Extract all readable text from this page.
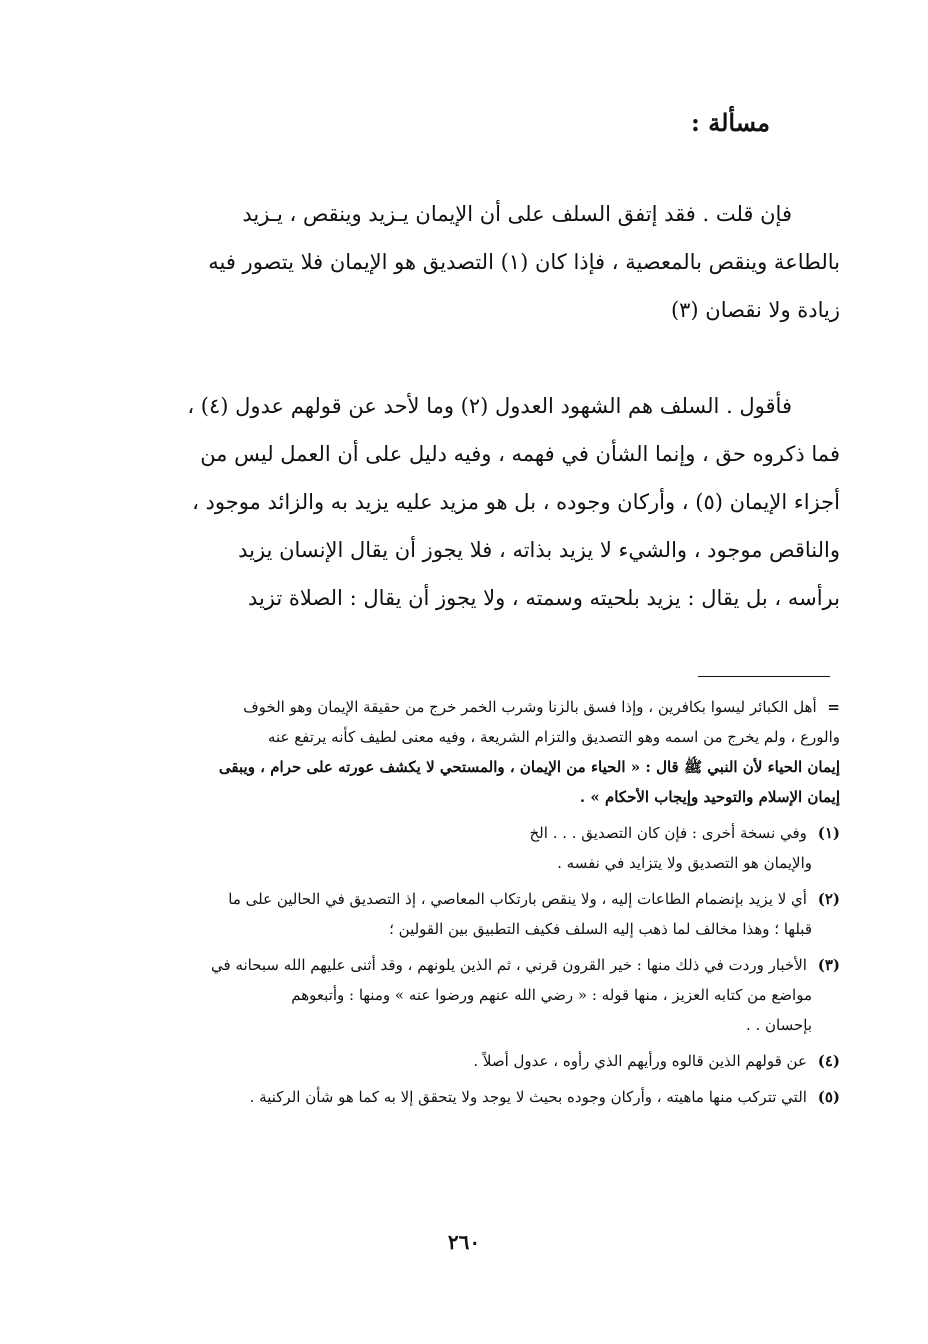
مسألة :
فإن قلت . فقد إتفق السلف على أن الإيمان يـزيد وينقص ، يـزيد
بالطاعة وينقص بالمعصية ، فإذا كان (١) التصديق هو الإيمان فلا يتصور فيه
زيادة ولا نقصان (٣)
فأقول . السلف هم الشهود العدول (٢) وما لأحد عن قولهم عدول (٤) ،
فما ذكروه حق ، وإنما الشأن في فهمه ، وفيه دليل على أن العمل ليس من
أجزاء الإيمان (٥) ، وأركان وجوده ، بل هو مزيد عليه يزيد به والزائد موجود ،
والناقص موجود ، والشيء لا يزيد بذاته ، فلا يجوز أن يقال الإنسان يزيد
برأسه ، بل يقال : يزيد بلحيته وسمته ، ولا يجوز أن يقال : الصلاة تزيد
= أهل الكبائر ليسوا بكافرين ، وإذا فسق بالزنا وشرب الخمر خرج من حقيقة الإيمان وهو الخوف
والورع ، ولم يخرج من اسمه وهو التصديق والتزام الشريعة ، وفيه معنى لطيف كأنه يرتفع عنه
إيمان الحياء لأن النبي ﷺ قال : « الحياء من الإيمان ، والمستحي لا يكشف عورته على حرام ، ويبقى
إيمان الإسلام والتوحيد وإيجاب الأحكام » .
(١) وفي نسخة أخرى : فإن كان التصديق . . . الخ
والإيمان هو التصديق ولا يتزايد في نفسه .
(٢) أي لا يزيد بإنضمام الطاعات إليه ، ولا ينقص بارتكاب المعاصي ، إذ التصديق في الحالين على ما
قبلها ؛ وهذا مخالف لما ذهب إليه السلف فكيف التطبيق بين القولين ؛
(٣) الأخبار وردت في ذلك منها : خير القرون قرني ، ثم الذين يلونهم ، وقد أثنى عليهم الله سبحانه في
مواضع من كتابه العزيز ، منها قوله : « رضي الله عنهم ورضوا عنه » ومنها : وأتبعوهم
بإحسان . .
(٤) عن قولهم الذين قالوه ورأيهم الذي رأوه ، عدول أصلاً .
(٥) التي تتركب منها ماهيته ، وأركان وجوده بحيث لا يوجد ولا يتحقق إلا به كما هو شأن الركنية .
٢٦٠
